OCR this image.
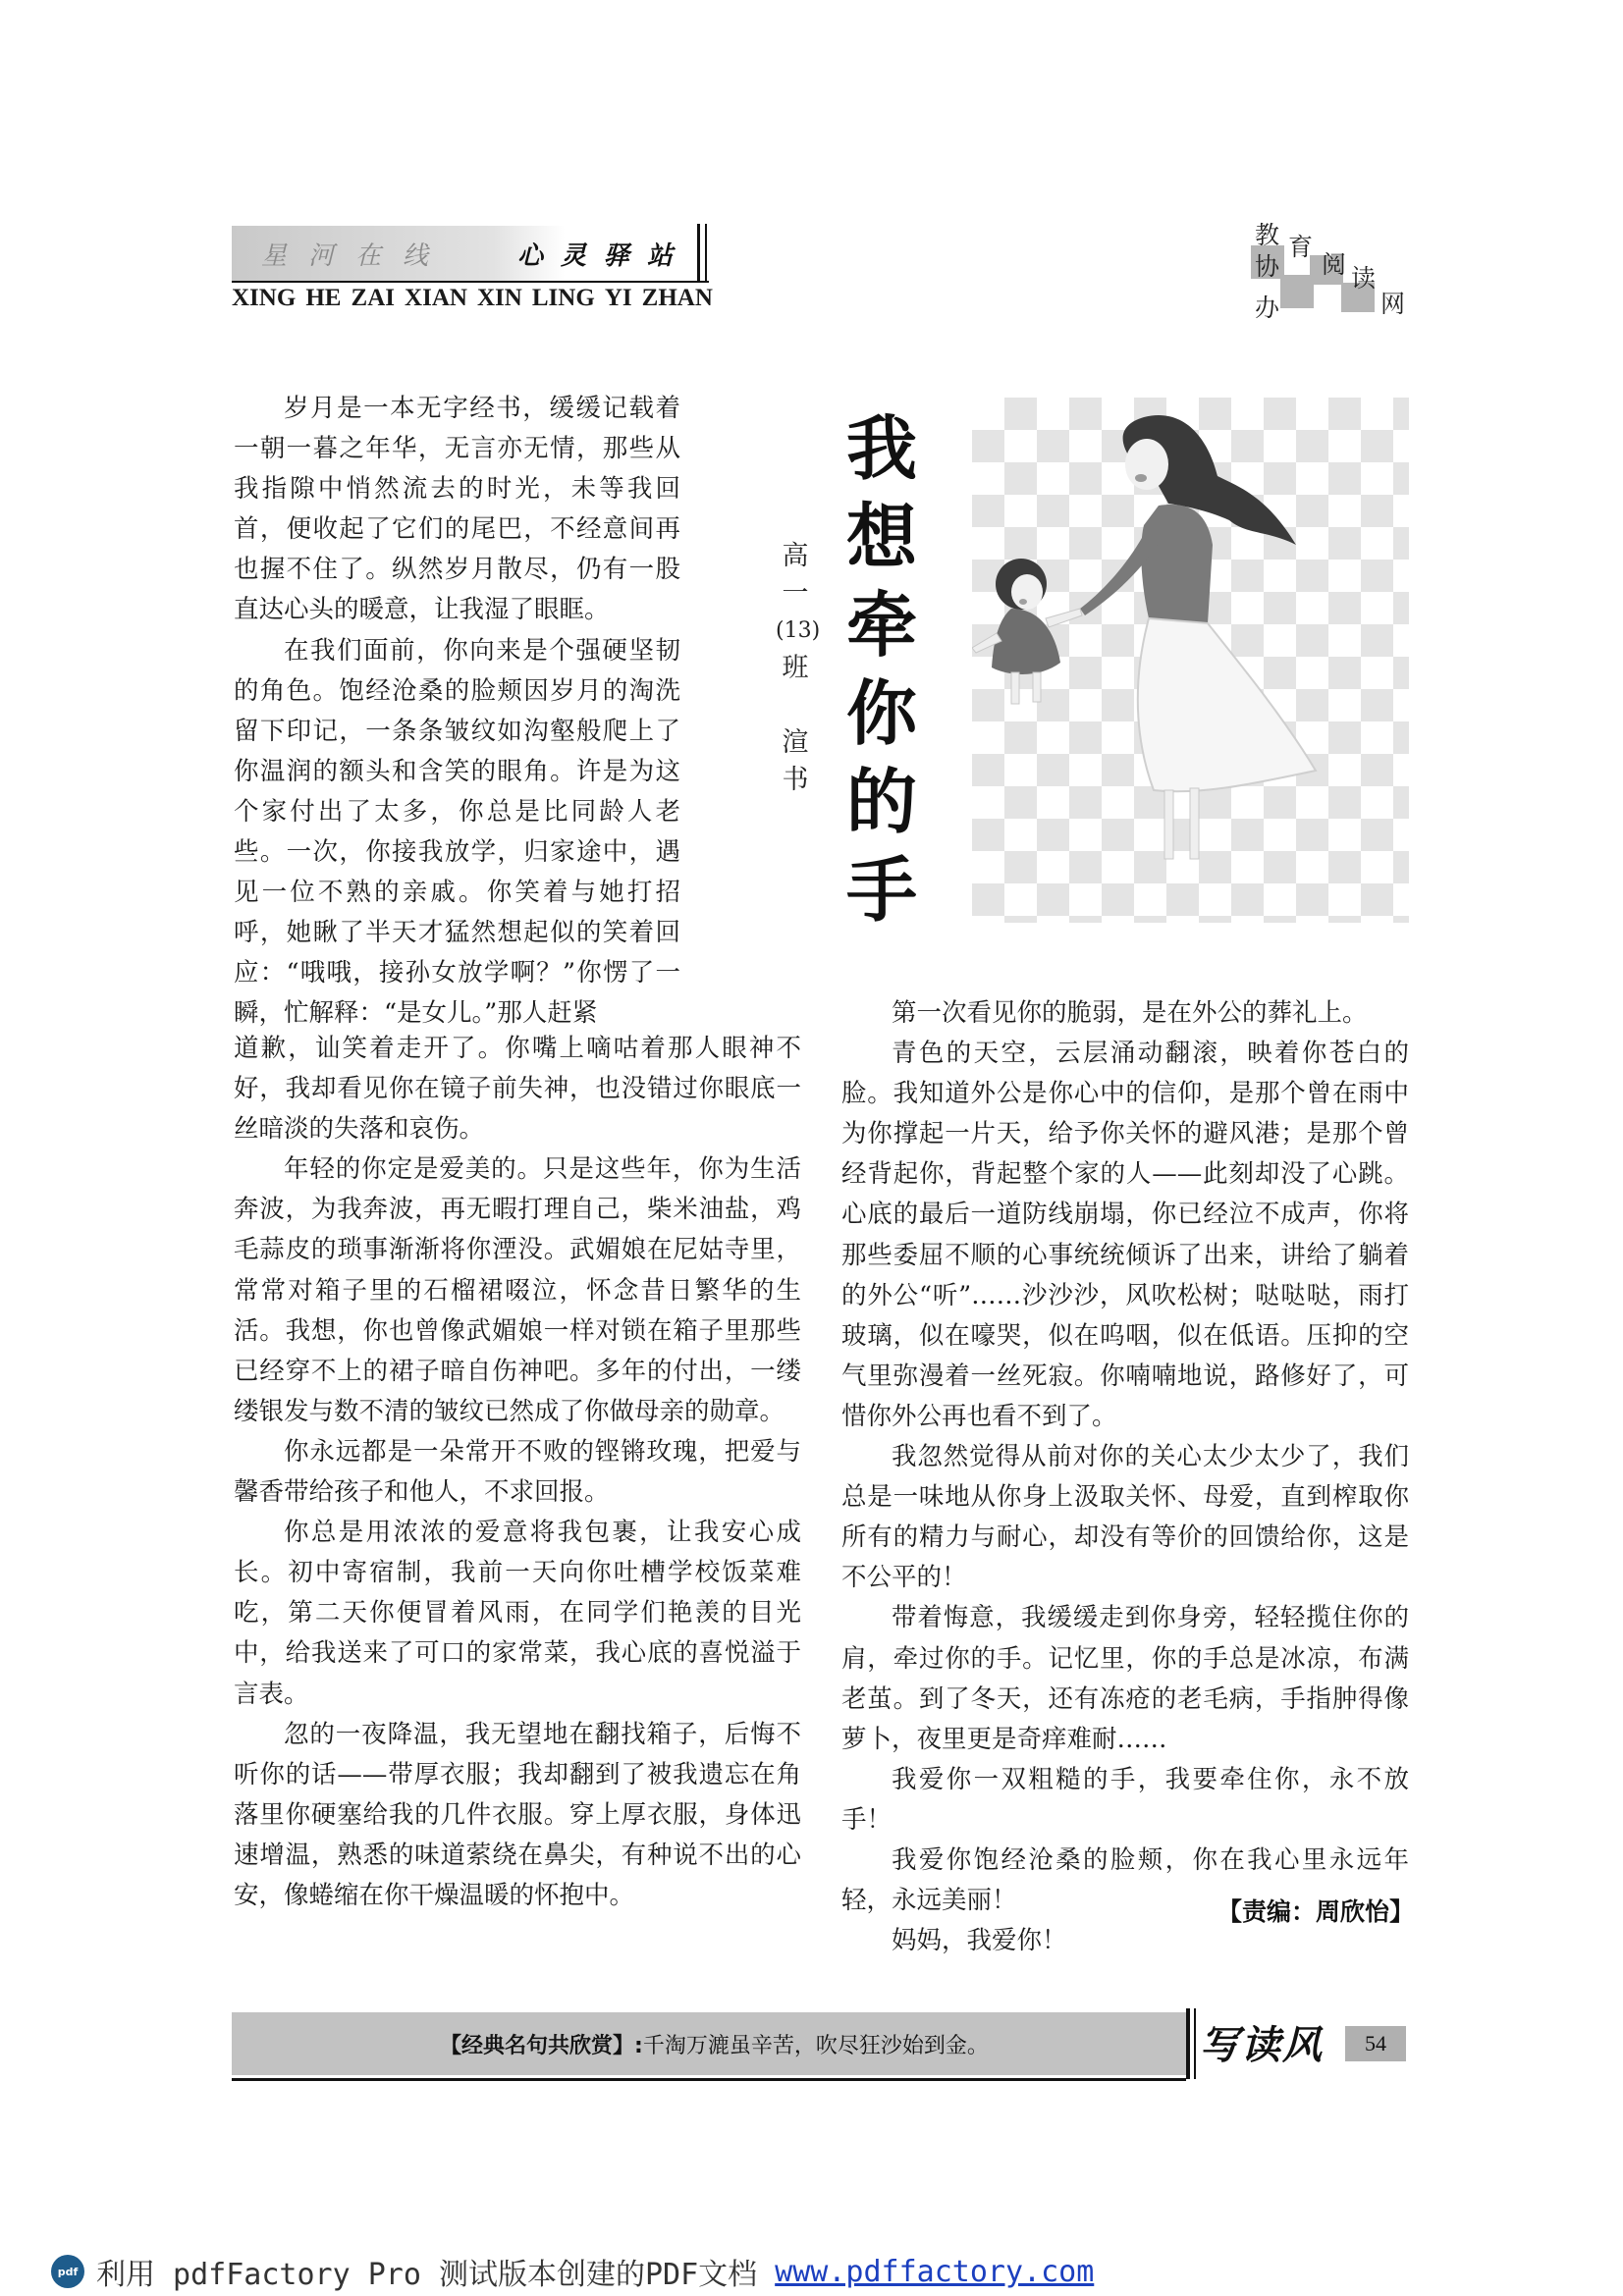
星河在线	心灵驿站
XING HE ZAI XIAN XIN LING YI ZHAN
教 育
协 阅 读
办	网
我
想
牵
你
的
手
高
一
(13)
班
渲
书

岁月是一本无字经书，缓缓记载着一朝一暮之年华，无言亦无情，那些从我指隙中悄然流去的时光，未等我回首，便收起了它们的尾巴，不经意间再也握不住了。纵然岁月散尽，仍有一股直达心头的暖意，让我湿了眼眶。

在我们面前，你向来是个强硬坚韧的角色。饱经沧桑的脸颊因岁月的淘洗留下印记，一条条皱纹如沟壑般爬上了你温润的额头和含笑的眼角。许是为这个家付出了太多，你总是比同龄人老些。一次，你接我放学，归家途中，遇见一位不熟的亲戚。你笑着与她打招呼，她瞅了半天才猛然想起似的笑着回应：“哦哦，接孙女放学啊？”你愣了一瞬，忙解释：“是女儿。”那人赶紧

道歉，讪笑着走开了。你嘴上嘀咕着那人眼神不好，我却看见你在镜子前失神，也没错过你眼底一丝暗淡的失落和哀伤。

年轻的你定是爱美的。只是这些年，你为生活奔波，为我奔波，再无暇打理自己，柴米油盐，鸡毛蒜皮的琐事渐渐将你湮没。武媚娘在尼姑寺里，常常对箱子里的石榴裙啜泣，怀念昔日繁华的生活。我想，你也曾像武媚娘一样对锁在箱子里那些已经穿不上的裙子暗自伤神吧。多年的付出，一缕缕银发与数不清的皱纹已然成了你做母亲的勋章。

你永远都是一朵常开不败的铿锵玫瑰，把爱与馨香带给孩子和他人，不求回报。

你总是用浓浓的爱意将我包裹，让我安心成长。初中寄宿制，我前一天向你吐槽学校饭菜难吃，第二天你便冒着风雨，在同学们艳羡的目光中，给我送来了可口的家常菜，我心底的喜悦溢于言表。

忽的一夜降温，我无望地在翻找箱子，后悔不听你的话——带厚衣服；我却翻到了被我遗忘在角落里你硬塞给我的几件衣服。穿上厚衣服，身体迅速增温，熟悉的味道萦绕在鼻尖，有种说不出的心安，像蜷缩在你干燥温暖的怀抱中。

第一次看见你的脆弱，是在外公的葬礼上。

青色的天空，云层涌动翻滚，映着你苍白的脸。我知道外公是你心中的信仰，是那个曾在雨中为你撑起一片天，给予你关怀的避风港；是那个曾经背起你，背起整个家的人——此刻却没了心跳。心底的最后一道防线崩塌，你已经泣不成声，你将那些委屈不顺的心事统统倾诉了出来，讲给了躺着的外公“听”……沙沙沙，风吹松树；哒哒哒，雨打玻璃，似在嚎哭，似在呜咽，似在低语。压抑的空气里弥漫着一丝死寂。你喃喃地说，路修好了，可惜你外公再也看不到了。

我忽然觉得从前对你的关心太少太少了，我们总是一味地从你身上汲取关怀、母爱，直到榨取你所有的精力与耐心，却没有等价的回馈给你，这是不公平的！

带着悔意，我缓缓走到你身旁，轻轻揽住你的肩，牵过你的手。记忆里，你的手总是冰凉，布满老茧。到了冬天，还有冻疮的老毛病，手指肿得像萝卜，夜里更是奇痒难耐……

我爱你一双粗糙的手，我要牵住你，永不放手！

我爱你饱经沧桑的脸颊，你在我心里永远年轻，永远美丽！

妈妈，我爱你！

【责编：周欣怡】
【经典名句共欣赏】: 千淘万漉虽辛苦，吹尽狂沙始到金。	写读风	54
pdf 利用 pdfFactory Pro 测试版本创建的PDF文档 www.pdffactory.com
